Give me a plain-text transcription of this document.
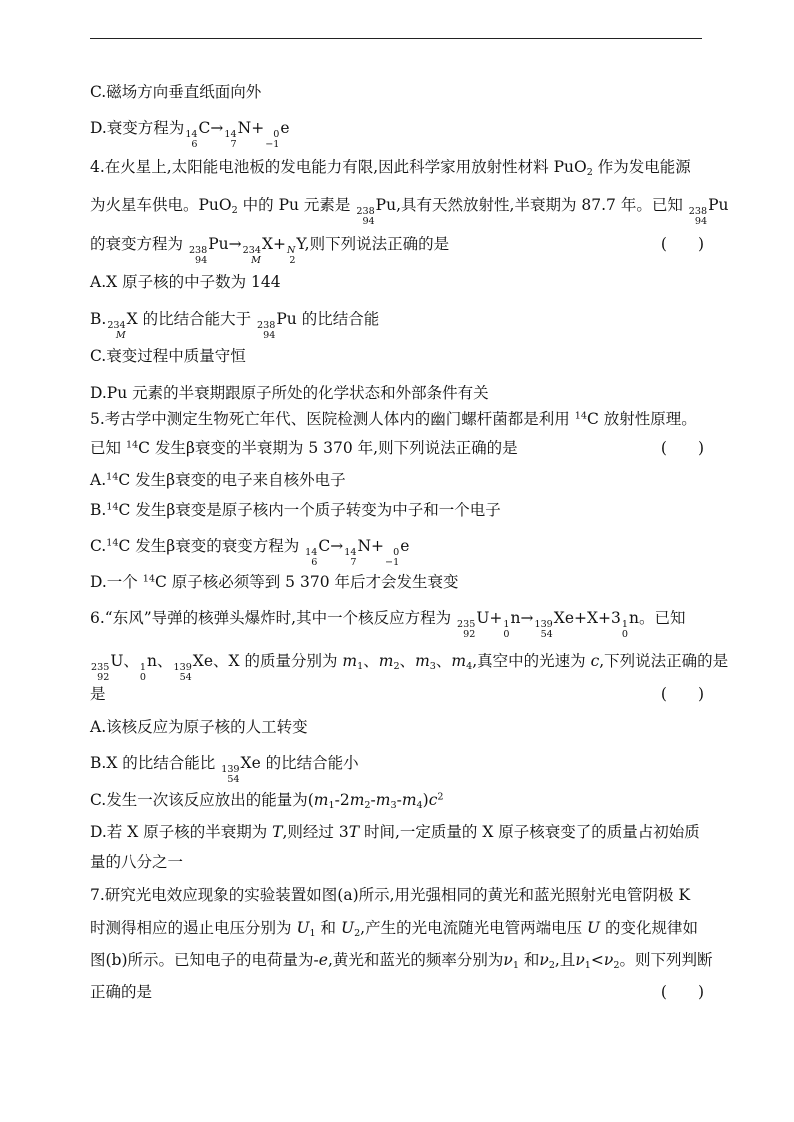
C.磁场方向垂直纸面向外
D.衰变方程为 14
6
C→ 14
7
N+ 0
−1
e
4.在火星上,太阳能电池板的发电能力有限,因此科学家用放射性材料 PuO$_2$ 作为发电能源
为火星车供电。PuO$_2$ 中的 Pu 元素是 238
94
Pu,具有天然放射性,半衰期为 87.7 年。已知 238
94
Pu
的衰变方程为 238
94
Pu→ 234
M
X+ N
2
Y,则下列说法正确的是	(　　)
A.X 原子核的中子数为 144
B. 234
M
X 的比结合能大于 238
94
Pu 的比结合能
C.衰变过程中质量守恒
D.Pu 元素的半衰期跟原子所处的化学状态和外部条件有关
5.考古学中测定生物死亡年代、医院检测人体内的幽门螺杆菌都是利用 $^{14}$C 放射性原理。
已知 $^{14}$C 发生β衰变的半衰期为 5 370 年,则下列说法正确的是	(　　)
A.$^{14}$C 发生β衰变的电子来自核外电子
B.$^{14}$C 发生β衰变是原子核内一个质子转变为中子和一个电子
C.$^{14}$C 发生β衰变的衰变方程为 14
6
C→ 14
7
N+ 0
−1
e
D.一个 $^{14}$C 原子核必须等到 5 370 年后才会发生衰变
6.“东风”导弹的核弹头爆炸时,其中一个核反应方程为 235
92
U+ 1
0
n→ 139
54
Xe+X+3 1
0
n。已知
235
92
U、 1
0
n、 139
54
Xe、X 的质量分别为 $m_1$、$m_2$、$m_3$、$m_4$,真空中的光速为 c,下列说法正确的是
是	(　　)
A.该核反应为原子核的人工转变
B.X 的比结合能比 139
54
Xe 的比结合能小
C.发生一次该反应放出的能量为$(m_1-2m_2-m_3-m_4)c^2$
D.若 X 原子核的半衰期为 T,则经过 3T 时间,一定质量的 X 原子核衰变了的质量占初始质
量的八分之一
7.研究光电效应现象的实验装置如图(a)所示,用光强相同的黄光和蓝光照射光电管阴极 K
时测得相应的遏止电压分别为 $U_1$ 和 $U_2$,产生的光电流随光电管两端电压 U 的变化规律如
图(b)所示。已知电子的电荷量为-e,黄光和蓝光的频率分别为$\nu_1$ 和$\nu_2$,且$\nu_1<\nu_2$。则下列判断
正确的是	(　　)
